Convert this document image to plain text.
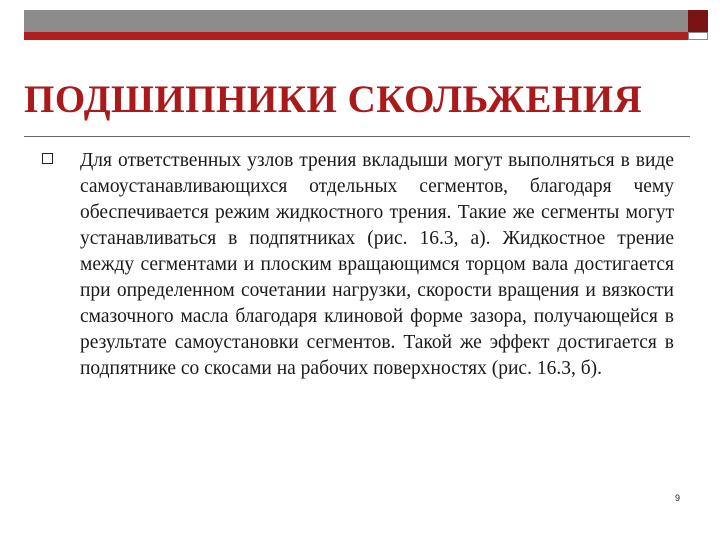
ПОДШИПНИКИ СКОЛЬЖЕНИЯ

Для ответственных узлов трения вкладыши могут выполняться в виде самоустанавливающихся отдельных сегментов, благодаря чему обеспечивается режим жидкостного трения. Такие же сегменты могут устанавливаться в подпятниках (рис. 16.3, а). Жидкостное трение между сегментами и плоским вращающимся торцом вала достигается при определенном сочетании нагрузки, скорости вращения и вязкости смазочного масла благодаря клиновой форме зазора, получающейся в результате самоустановки сегментов. Такой же эффект достигается в подпятнике со скосами на рабочих поверхностях (рис. 16.3, б).

9
